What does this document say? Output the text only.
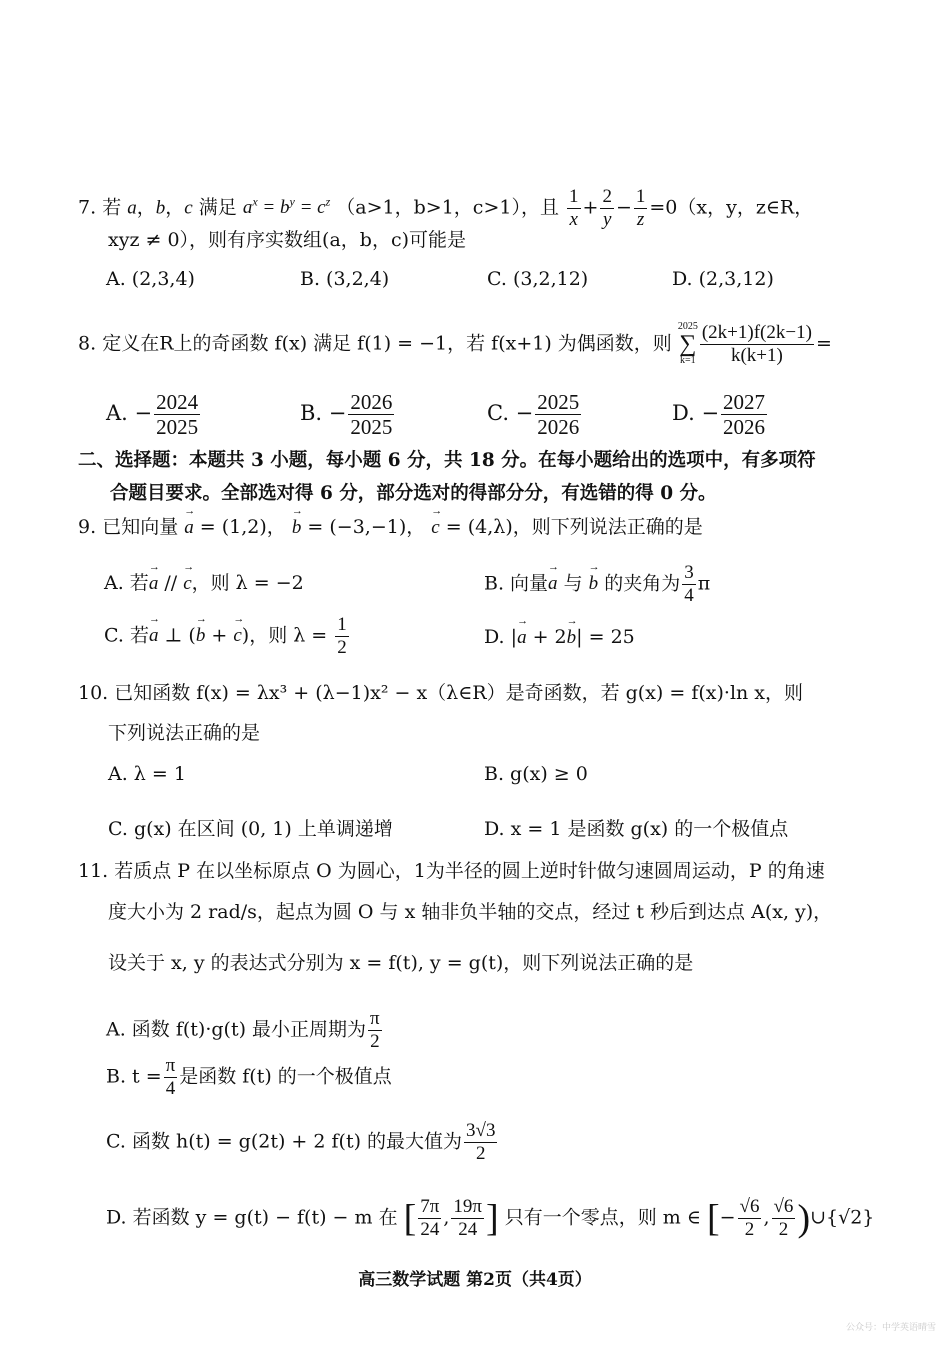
7. 若 a，b，c 满足 $a^x = b^y = c^z$ （a>1，b>1，c>1），且 $\frac{1}{x} + \frac{2}{y} - \frac{1}{z} =0(x$，y，z∈R，
xyz ≠ 0），则有序实数组(a，b，c)可能是
A. (2,3,4)	B. (3,2,4)	C. (3,2,12)	D. (2,3,12)
8. 定义在R上的奇函数 f(x) 满足 f(1) = −1，若 f(x+1) 为偶函数，则
2025
∑
$k=1 \frac{(2k+1)f(2k-1)}{k(k+1)}$ =
A. − $\frac{2024}{2025}$	B. − $\frac{2026}{2025}$	C. − $\frac{2025}{2026}$	D. − $\frac{2027}{2026}$
二、选择题：本题共 3 小题，每小题 6 分，共 18 分。在每小题给出的选项中，有多项符
合题目要求。全部选对得 6 分，部分选对的得部分分，有选错的得 0 分。
9. 已知向量 → a = (1,2)， → b = (−3,−1)， → c = (4,λ)，则下列说法正确的是
A. 若→ a // → c，则 λ = −2	B. 向量→ a 与 → b 的夹角为 $\frac{3}{4}$ π
C. 若→ a ⊥ (→ b + → c)，则 $\lambda = \frac{1}{2}$	D. |→ a + 2→ b| = 25
10. 已知函数 f(x) = λx³ + (λ−1)x² − x（λ∈R）是奇函数，若 g(x) = f(x)·ln x，则
下列说法正确的是
A. λ = 1	B. g(x) ≥ 0
C. g(x) 在区间 (0, 1) 上单调递增	D. x = 1 是函数 g(x) 的一个极值点
11. 若质点 P 在以坐标原点 O 为圆心，1为半径的圆上逆时针做匀速圆周运动，P 的角速
度大小为 2 rad/s，起点为圆 O 与 x 轴非负半轴的交点，经过 t 秒后到达点 A(x, y)，
设关于 x, y 的表达式分别为 x = f(t), y = g(t)，则下列说法正确的是
A. 函数 f(t)·g(t) 最小正周期为 $\frac{\pi}{2}$
B. $t = \frac{\pi}{4}$ 是函数 f(t) 的一个极值点
C. 函数 h(t) = g(2t) + 2 f(t) 的最大值为 $\frac{3√3}{2}$
D. 若函数 y = g(t) − f(t) − m 在 [ $\frac{7\pi}{24}$ , $\frac{19\pi}{24}$ ] 只有一个零点，则 m ∈ [− $\frac{√6}{2}$ , $\frac{√6}{2}$ )∪{√2}
高三数学试题 第2页（共4页）
公众号：中学英语晴雪
